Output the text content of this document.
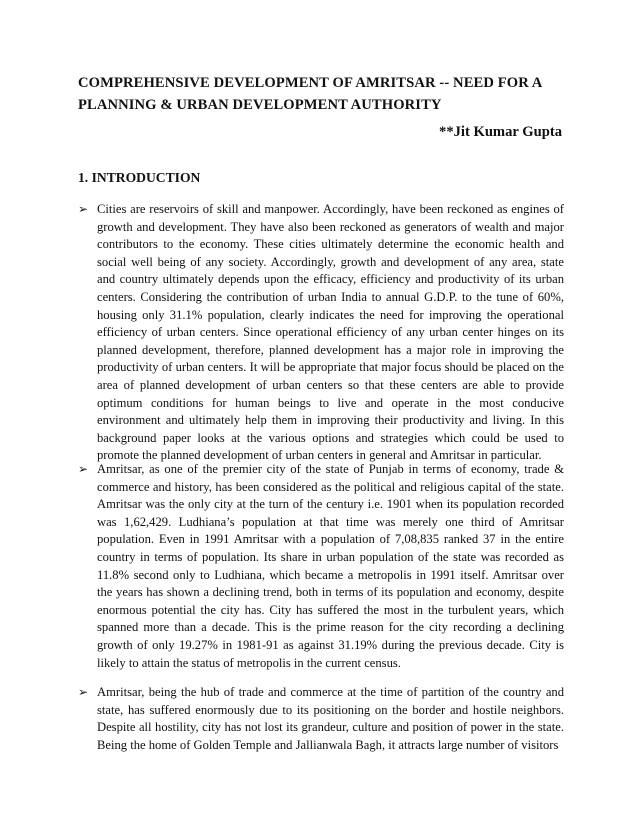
COMPREHENSIVE DEVELOPMENT OF AMRITSAR -- NEED FOR A PLANNING & URBAN DEVELOPMENT AUTHORITY
**Jit Kumar Gupta
1. INTRODUCTION
➢ Cities are reservoirs of skill and manpower. Accordingly, have been reckoned as engines of growth and development. They have also been reckoned as generators of wealth and major contributors to the economy. These cities ultimately determine the economic health and social well being of any society. Accordingly, growth and development of any area, state and country ultimately depends upon the efficacy, efficiency and productivity of its urban centers. Considering the contribution of urban India to annual G.D.P. to the tune of 60%, housing only 31.1% population, clearly indicates the need for improving the operational efficiency of urban centers. Since operational efficiency of any urban center hinges on its planned development, therefore, planned development has a major role in improving the productivity of urban centers. It will be appropriate that major focus should be placed on the area of planned development of urban centers so that these centers are able to provide optimum conditions for human beings to live and operate in the most conducive environment and ultimately help them in improving their productivity and living. In this background paper looks at the various options and strategies which could be used to promote the planned development of urban centers in general and Amritsar in particular.
➢ Amritsar, as one of the premier city of the state of Punjab in terms of economy, trade & commerce and history, has been considered as the political and religious capital of the state. Amritsar was the only city at the turn of the century i.e. 1901 when its population recorded was 1,62,429. Ludhiana’s population at that time was merely one third of Amritsar population. Even in 1991 Amritsar with a population of 7,08,835 ranked 37 in the entire country in terms of population. Its share in urban population of the state was recorded as 11.8% second only to Ludhiana, which became a metropolis in 1991 itself. Amritsar over the years has shown a declining trend, both in terms of its population and economy, despite enormous potential the city has. City has suffered the most in the turbulent years, which spanned more than a decade. This is the prime reason for the city recording a declining growth of only 19.27% in 1981-91 as against 31.19% during the previous decade. City is likely to attain the status of metropolis in the current census.
➢ Amritsar, being the hub of trade and commerce at the time of partition of the country and state, has suffered enormously due to its positioning on the border and hostile neighbors. Despite all hostility, city has not lost its grandeur, culture and position of power in the state. Being the home of Golden Temple and Jallianwala Bagh, it attracts large number of visitors
